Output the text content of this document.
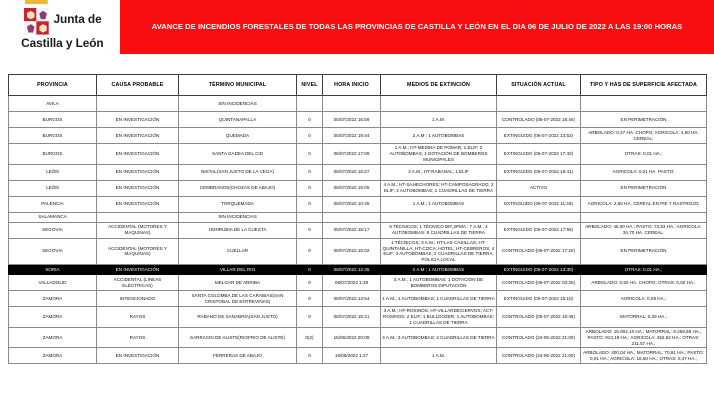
Junta de
Castilla y León
AVANCE DE INCENDIOS FORESTALES DE TODAS LAS PROVINCIAS DE CASTILLA Y LEÓN EN EL DIA 06 DE JULIO DE 2022 A LAS 19:00 HORAS
PROVINCIA	CAUSA PROBABLE	TÉRMINO MUNICIPAL	NIVEL	HORA INICIO	MEDIOS DE EXTINCIÓN	SITUACIÓN ACTUAL	TIPO Y HAS DE SUPERFICIE AFECTADA
AVILA		SIN INCIDENCIAS					
BURGOS	EN INVESTIGACIÓN	QUINTANAPALLA	0	05/07/2022 16:59	1 A.M.	CONTROLADO (05-07-2022 18:40)	EN PERIMETRACIÓN
BURGOS	EN INVESTIGACIÓN	QUEMADA	0	05/07/2022 19:44	2 A.M ; 1 AUTOBOMBAS	EXTINGUIDO (06-07-2022 13:52)	ARBOLADO: 0,47 HA. CHOPO; AGRICOLA: 4,50 HA. CEREAL;
BURGOS	EN INVESTIGACIÓN	SANTA GADEA DEL CID	0	06/07/2022 17:09	1 A.M.; HT-MEDINA DE POMAR; 1 ELIF; 2 AUTOBOMBAS; 1 DOTACIÓN DE BOMBEROS MUNICIPALES	EXTINGUIDO (06-07-2022 17:40)	OTRAS: 0,01 HA.;
LEÓN	EN INVESTIGACIÓN	NISTAL(SAN JUSTO DE LA VEGA)	0	06/07/2022 16:27	2 A.M.; HT-RABANAL; 1 ELIF	EXTINGUIDO (06-07-2022 16:41)	AGRICOLA: 0,01 HA. PASTO;
LEÓN	EN INVESTIGACIÓN	CEMBRANOS(CHOZAS DE ABAJO)	0	06/07/2022 18:05	4 A.M.; HT-SAHECHORES; HT-CAMPOSAGRADO; 2 ELIF; 2 AUTOBOMBAS; 1 CUADRILLAS DE TIERRA	ACTIVO	EN PERIMETRACIÓN
PALENCIA	EN INVESTIGACIÓN	TORQUEMADA	0	06/07/2022 10:45	1 A.M.; 1 AUTOBOMBAS	EXTINGUIDO (06-07-2022 11:48)	AGRICOLA: 2,60 HA. CEREAL EN PIE Y RASTROJO;
SALAMANCA		SIN INCIDENCIAS					
SEGOVIA	ACCIDENTAL (MOTORES Y MAQUINAS)	HONRUBIA DE LA CUESTA	0	05/07/2022 15:17	5 TECNICOS; 1 TÉCNICO BIF;2PMA ; 7 A.M.; 4 AUTOBOMBAS; 8 CUADRILLAS DE TIERRA	EXTINGUIDO (06-07-2022 17:56)	ARBOLADO: 45,00 HA.; PASTO: 73,53 HA.; AGRICOLA: 34,70 HA. CEREAL.
SEGOVIA	ACCIDENTAL (MOTORES Y MAQUINAS)	CUELLAR	0	06/07/2022 15:02	1 TÉCNICOS; 3 A.M.; HT-LAS CASILLAS; HT-QUINTANILLA; HT-COCA; HOTEL; HT-CEBREROS; 4 ELIF; 3 AUTOBOMBAS; 2 CUADRILLAS DE TIERRA; POLICIA LOCAL	CONTROLADO (06-07-2022 17:20)	EN PERIMETRACIÓN
SORIA	EN INVESTIGACIÓN	VILLAR DEL RIO	0	06/07/2022 12:45	2 A.M ; 1 AUTOBOMBAS	EXTINGUIDO (06-07-2022 13:30)	OTRAS: 0,01 HA.;
VALLADOLID	ACCIDENTAL (LINEAS ELÉCTRICAS)	MELGAR DE ARRIBA	0	06/07/2022 1:29	3 A.M.; 1 AUTOBOMBAS; 1 DOTACION DE BOMBEROS DIPUTACIÓN	CONTROLADO (06-07-2022 03:30)	ARBOLADO: 0,50 HA. CHOPO; OTRAS: 0,50 HA.;
ZAMORA	INTENCIONADO	SANTA COLOMBA DE LAS CARABIAS(SAN CRISTOBAL DE ENTREVIÑAS)	0	06/07/2022 13:54	1 A.M.; 1 AUTOBOMBAS; 1 CUADRILLAS DE TIERRA	EXTINGUIDO (06-07-2022 15:10)	AGRICOLA: 0,09 HA.;
ZAMORA	RAYOS	RABANO DE SANABRIA(SAN JUSTO)	0	06/07/2022 15:21	3 A.M.; HT-ROSINOS; HT-VILLARDECIERVOS; ACT-ROSINOS; 2 ELIF; 1 BULLDOZER; 1 AUTOBOMBAS; 1 CUADRILLAS DE TIERRA	CONTROLADO (06-07-2022 18:45)	MATORRAL: 0,28 HA.;
ZAMORA	RAYOS	SARRACIN DE ALISTE(RIOFRIO DE ALISTE)	0(2)	15/06/2022 20:08	4 A.M.; 3 AUTOBOMBAS; 2 CUADRILLAS DE TIERRA	CONTROLADO (24-06-2022 21:00)	ARBOLADO: 15.002,10 HA.; MATORRAL: 8.258,58 HA.; PASTO: 813,18 HA.; AGRICOLA: 452,52 HA.; OTRAS: 211,57 HA.;
ZAMORA	EN INVESTIGACIÓN	FERRERAS DE ABAJO	0	16/06/2022 1:27	1 A.M.	CONTROLADO (24-06-2022 21:00)	ARBOLADO: 400,04 HA.; MATORRAL: 70,91 HA.; PASTO: 0,01 HA.; AGRICOLA: 18,50 HA.; OTRAS: 0,47 HA.;
